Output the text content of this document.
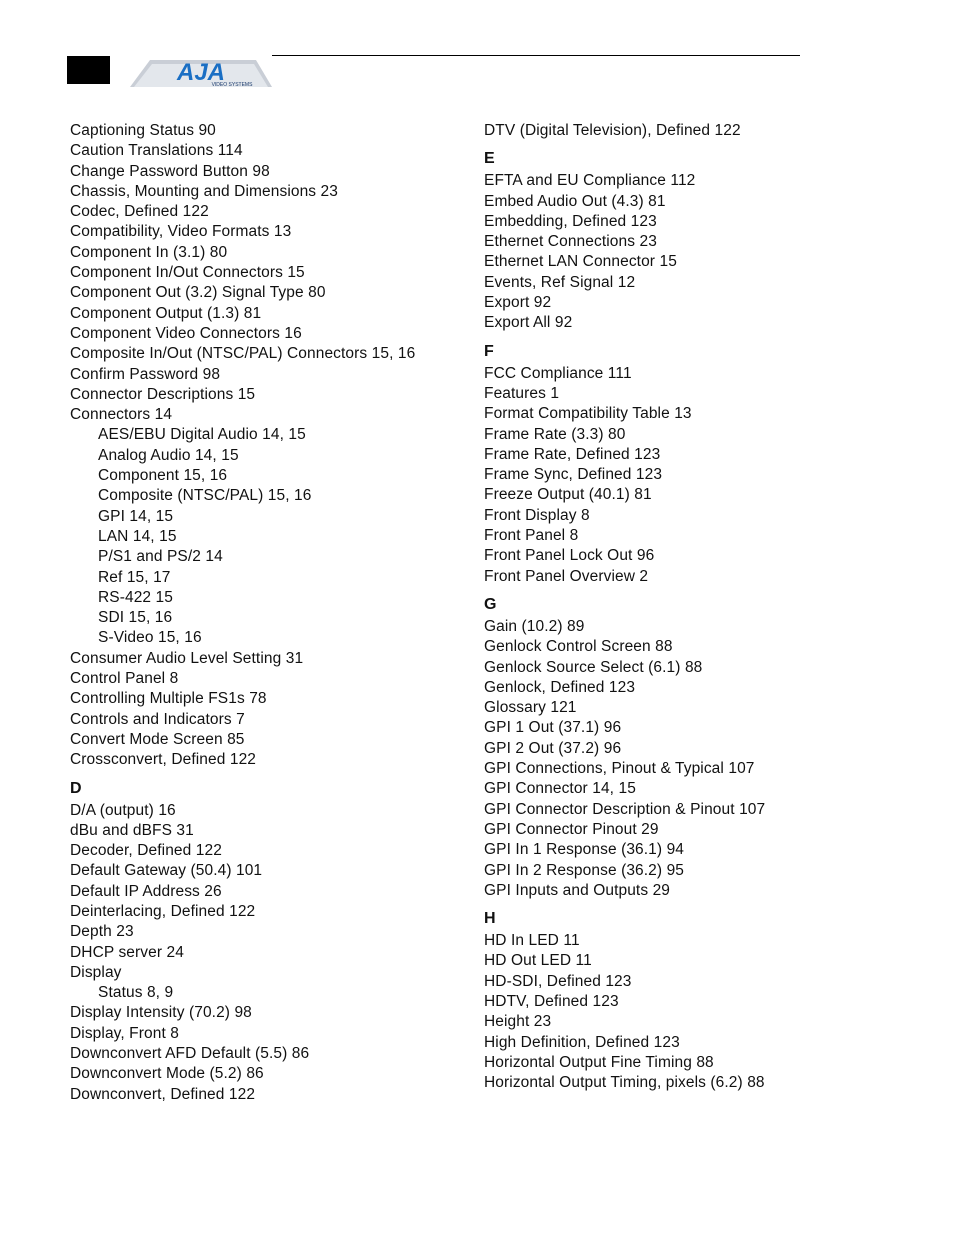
AJA
VIDEO SYSTEMS
Captioning Status 90
Caution Translations 114
Change Password Button 98
Chassis, Mounting and Dimensions 23
Codec, Defined 122
Compatibility, Video Formats 13
Component In (3.1) 80
Component In/Out Connectors 15
Component Out (3.2) Signal Type 80
Component Output (1.3) 81
Component Video Connectors 16
Composite In/Out (NTSC/PAL) Connectors 15, 16
Confirm Password 98
Connector Descriptions 15
Connectors 14
AES/EBU Digital Audio 14, 15
Analog Audio 14, 15
Component 15, 16
Composite (NTSC/PAL) 15, 16
GPI 14, 15
LAN 14, 15
P/S1 and PS/2 14
Ref 15, 17
RS-422 15
SDI 15, 16
S-Video 15, 16
Consumer Audio Level Setting 31
Control Panel 8
Controlling Multiple FS1s 78
Controls and Indicators 7
Convert Mode Screen 85
Crossconvert, Defined 122
D
D/A (output) 16
dBu and dBFS 31
Decoder, Defined 122
Default Gateway (50.4) 101
Default IP Address 26
Deinterlacing, Defined 122
Depth 23
DHCP server 24
Display
Status 8, 9
Display Intensity (70.2) 98
Display, Front 8
Downconvert AFD Default (5.5) 86
Downconvert Mode (5.2) 86
Downconvert, Defined 122
DTV (Digital Television), Defined 122
E
EFTA and EU Compliance 112
Embed Audio Out (4.3) 81
Embedding, Defined 123
Ethernet Connections 23
Ethernet LAN Connector 15
Events, Ref Signal 12
Export 92
Export All 92
F
FCC Compliance 111
Features 1
Format Compatibility Table 13
Frame Rate (3.3) 80
Frame Rate, Defined 123
Frame Sync, Defined 123
Freeze Output (40.1) 81
Front Display 8
Front Panel 8
Front Panel Lock Out 96
Front Panel Overview 2
G
Gain (10.2) 89
Genlock Control Screen 88
Genlock Source Select (6.1) 88
Genlock, Defined 123
Glossary 121
GPI 1 Out (37.1) 96
GPI 2 Out (37.2) 96
GPI Connections, Pinout & Typical 107
GPI Connector 14, 15
GPI Connector Description & Pinout 107
GPI Connector Pinout 29
GPI In 1 Response (36.1) 94
GPI In 2 Response (36.2) 95
GPI Inputs and Outputs 29
H
HD In LED 11
HD Out LED 11
HD-SDI, Defined 123
HDTV, Defined 123
Height 23
High Definition, Defined 123
Horizontal Output Fine Timing 88
Horizontal Output Timing, pixels (6.2) 88
